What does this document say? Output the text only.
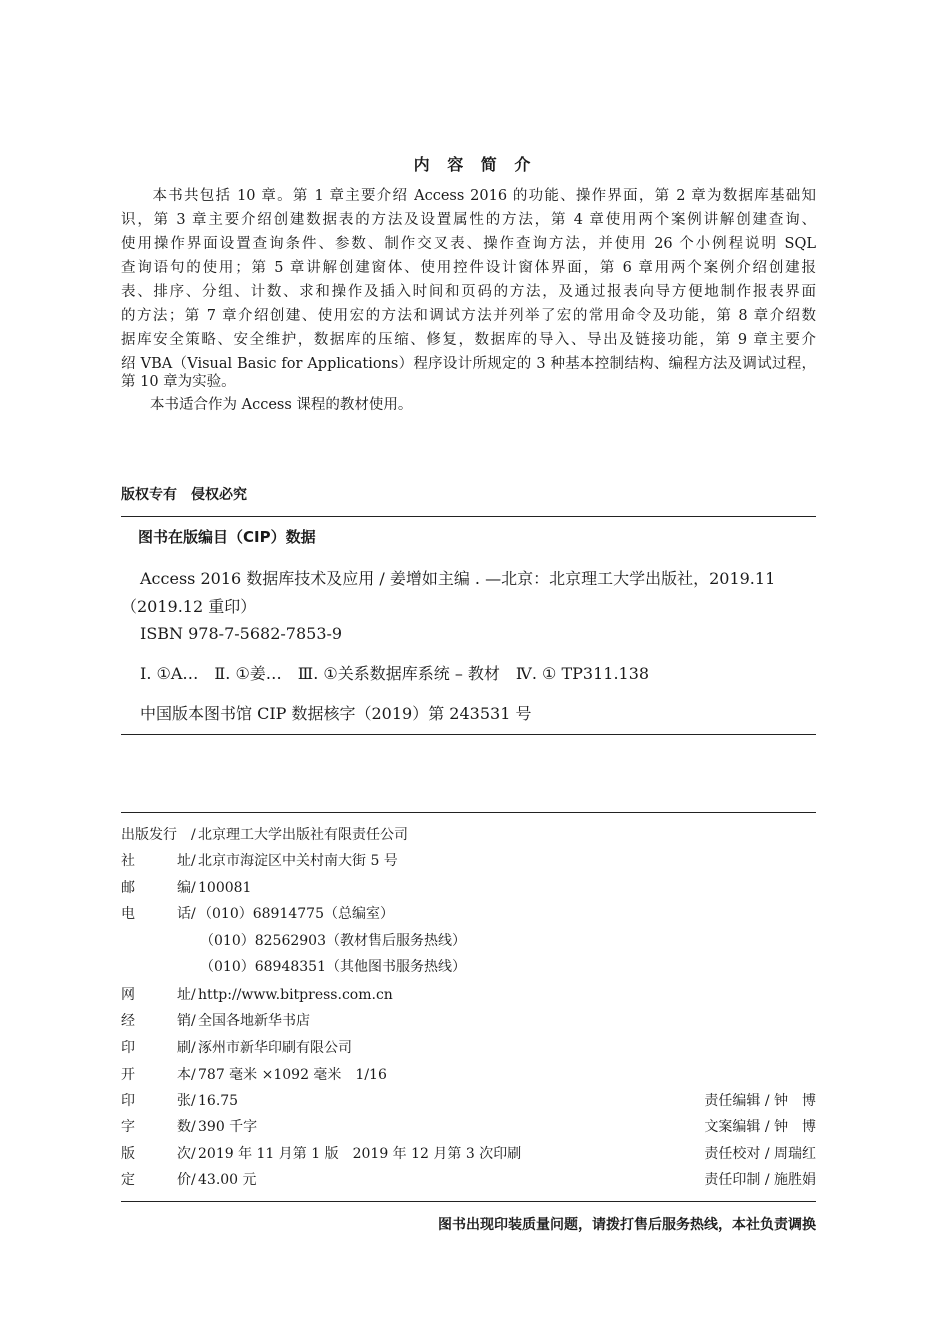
内 容 简 介
　　本书共包括 10 章。第 1 章主要介绍 Access 2016 的功能、操作界面，第 2 章为数据库基础知
识，第 3 章主要介绍创建数据表的方法及设置属性的方法，第 4 章使用两个案例讲解创建查询、
使用操作界面设置查询条件、参数、制作交叉表、操作查询方法，并使用 26 个小例程说明 SQL
查询语句的使用；第 5 章讲解创建窗体、使用控件设计窗体界面，第 6 章用两个案例介绍创建报
表、排序、分组、计数、求和操作及插入时间和页码的方法，及通过报表向导方便地制作报表界面
的方法；第 7 章介绍创建、使用宏的方法和调试方法并列举了宏的常用命令及功能，第 8 章介绍数
据库安全策略、安全维护，数据库的压缩、修复，数据库的导入、导出及链接功能，第 9 章主要介
绍 VBA（Visual Basic for Applications）程序设计所规定的 3 种基本控制结构、编程方法及调试过程，
第 10 章为实验。
　　本书适合作为 Access 课程的教材使用。
版权专有　侵权必究
图书在版编目（CIP）数据
Access 2016 数据库技术及应用 / 姜增如主编 . —北京：北京理工大学出版社，2019.11
（2019.12 重印）
ISBN 978-7-5682-7853-9
Ⅰ. ①A…　Ⅱ. ①姜…　Ⅲ. ①关系数据库系统 – 教材　Ⅳ. ① TP311.138
中国版本图书馆 CIP 数据核字（2019）第 243531 号
出版发行	/ 北京理工大学出版社有限责任公司
社	址 / 北京市海淀区中关村南大街 5 号
邮	编 / 100081
电	话 / （010）68914775（总编室）
（010）82562903（教材售后服务热线）
（010）68948351（其他图书服务热线）
网	址 / http://www.bitpress.com.cn
经	销 / 全国各地新华书店
印	刷 / 涿州市新华印刷有限公司
开	本 / 787 毫米 ×1092 毫米　1/16
印	张 / 16.75	责任编辑 / 钟　博
字	数 / 390 千字	文案编辑 / 钟　博
版	次 / 2019 年 11 月第 1 版　2019 年 12 月第 3 次印刷	责任校对 / 周瑞红
定	价 / 43.00 元	责任印制 / 施胜娟
图书出现印装质量问题，请拨打售后服务热线，本社负责调换
